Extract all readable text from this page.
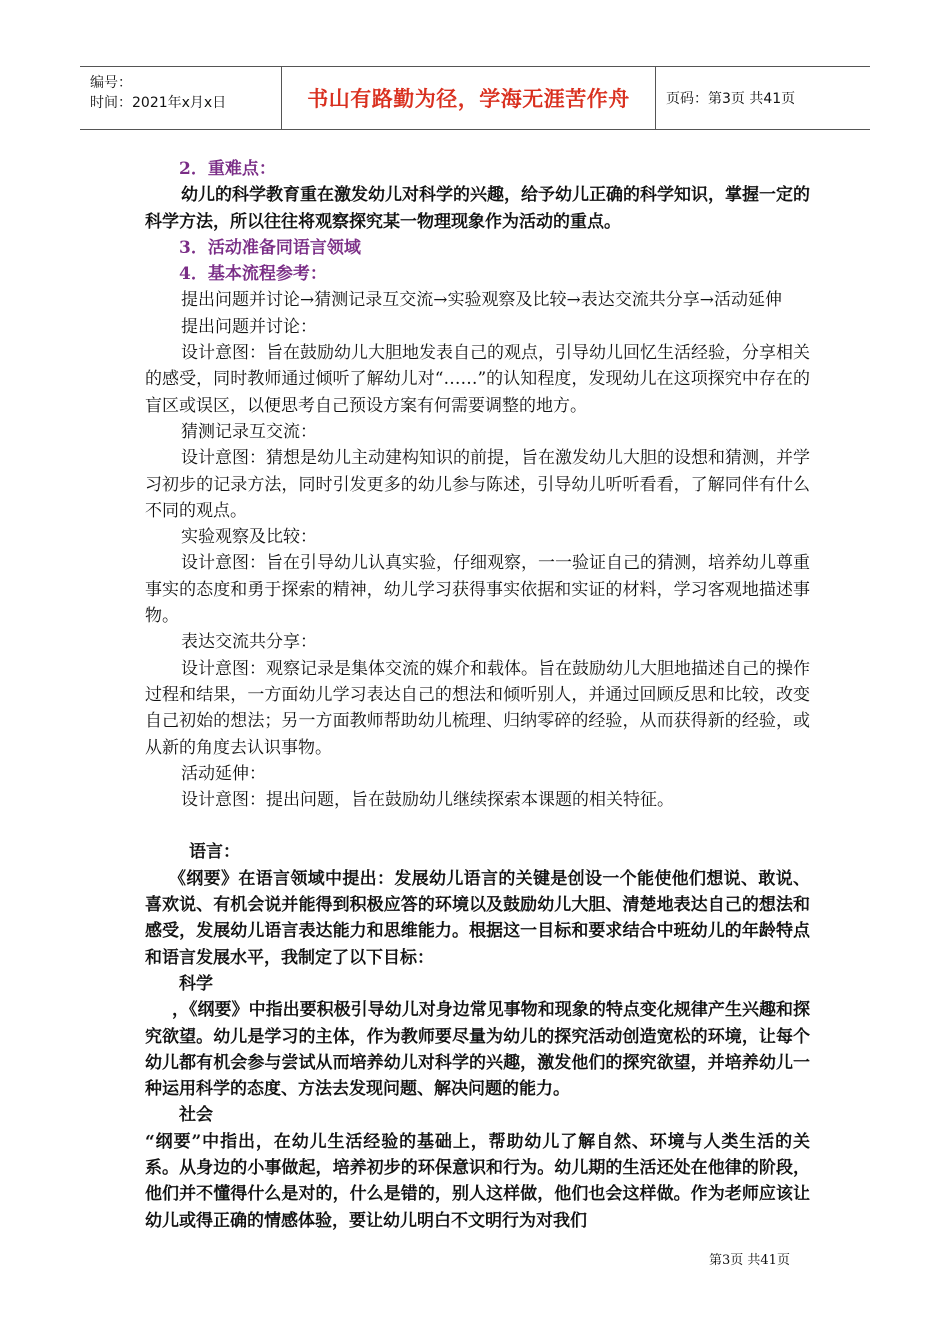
编号：
时间：2021年x月x日	书山有路勤为径，学海无涯苦作舟	页码：第3页 共41页

2．重难点：

幼儿的科学教育重在激发幼儿对科学的兴趣，给予幼儿正确的科学知识，掌握一定的科学方法，所以往往将观察探究某一物理现象作为活动的重点。

3．活动准备同语言领域

4．基本流程参考：

提出问题并讨论→猜测记录互交流→实验观察及比较→表达交流共分享→活动延伸

提出问题并讨论：

设计意图：旨在鼓励幼儿大胆地发表自己的观点，引导幼儿回忆生活经验，分享相关的感受，同时教师通过倾听了解幼儿对“……”的认知程度，发现幼儿在这项探究中存在的盲区或误区，以便思考自己预设方案有何需要调整的地方。

猜测记录互交流：

设计意图：猜想是幼儿主动建构知识的前提，旨在激发幼儿大胆的设想和猜测，并学习初步的记录方法，同时引发更多的幼儿参与陈述，引导幼儿听听看看，了解同伴有什么不同的观点。

实验观察及比较：

设计意图：旨在引导幼儿认真实验，仔细观察，一一验证自己的猜测，培养幼儿尊重事实的态度和勇于探索的精神，幼儿学习获得事实依据和实证的材料，学习客观地描述事物。

表达交流共分享：

设计意图：观察记录是集体交流的媒介和载体。旨在鼓励幼儿大胆地描述自己的操作过程和结果，一方面幼儿学习表达自己的想法和倾听别人，并通过回顾反思和比较，改变自己初始的想法；另一方面教师帮助幼儿梳理、归纳零碎的经验，从而获得新的经验，或从新的角度去认识事物。

活动延伸：

设计意图：提出问题，旨在鼓励幼儿继续探索本课题的相关特征。

语言：

《纲要》在语言领域中提出：发展幼儿语言的关键是创设一个能使他们想说、敢说、喜欢说、有机会说并能得到积极应答的环境以及鼓励幼儿大胆、清楚地表达自己的想法和感受，发展幼儿语言表达能力和思维能力。根据这一目标和要求结合中班幼儿的年龄特点和语言发展水平，我制定了以下目标：

科学

，《纲要》中指出要积极引导幼儿对身边常见事物和现象的特点变化规律产生兴趣和探究欲望。幼儿是学习的主体，作为教师要尽量为幼儿的探究活动创造宽松的环境，让每个幼儿都有机会参与尝试从而培养幼儿对科学的兴趣，激发他们的探究欲望，并培养幼儿一种运用科学的态度、方法去发现问题、解决问题的能力。

社会

“纲要”中指出，在幼儿生活经验的基础上，帮助幼儿了解自然、环境与人类生活的关系。从身边的小事做起，培养初步的环保意识和行为。幼儿期的生活还处在他律的阶段，他们并不懂得什么是对的，什么是错的，别人这样做，他们也会这样做。作为老师应该让幼儿或得正确的情感体验，要让幼儿明白不文明行为对我们

第3页 共41页
